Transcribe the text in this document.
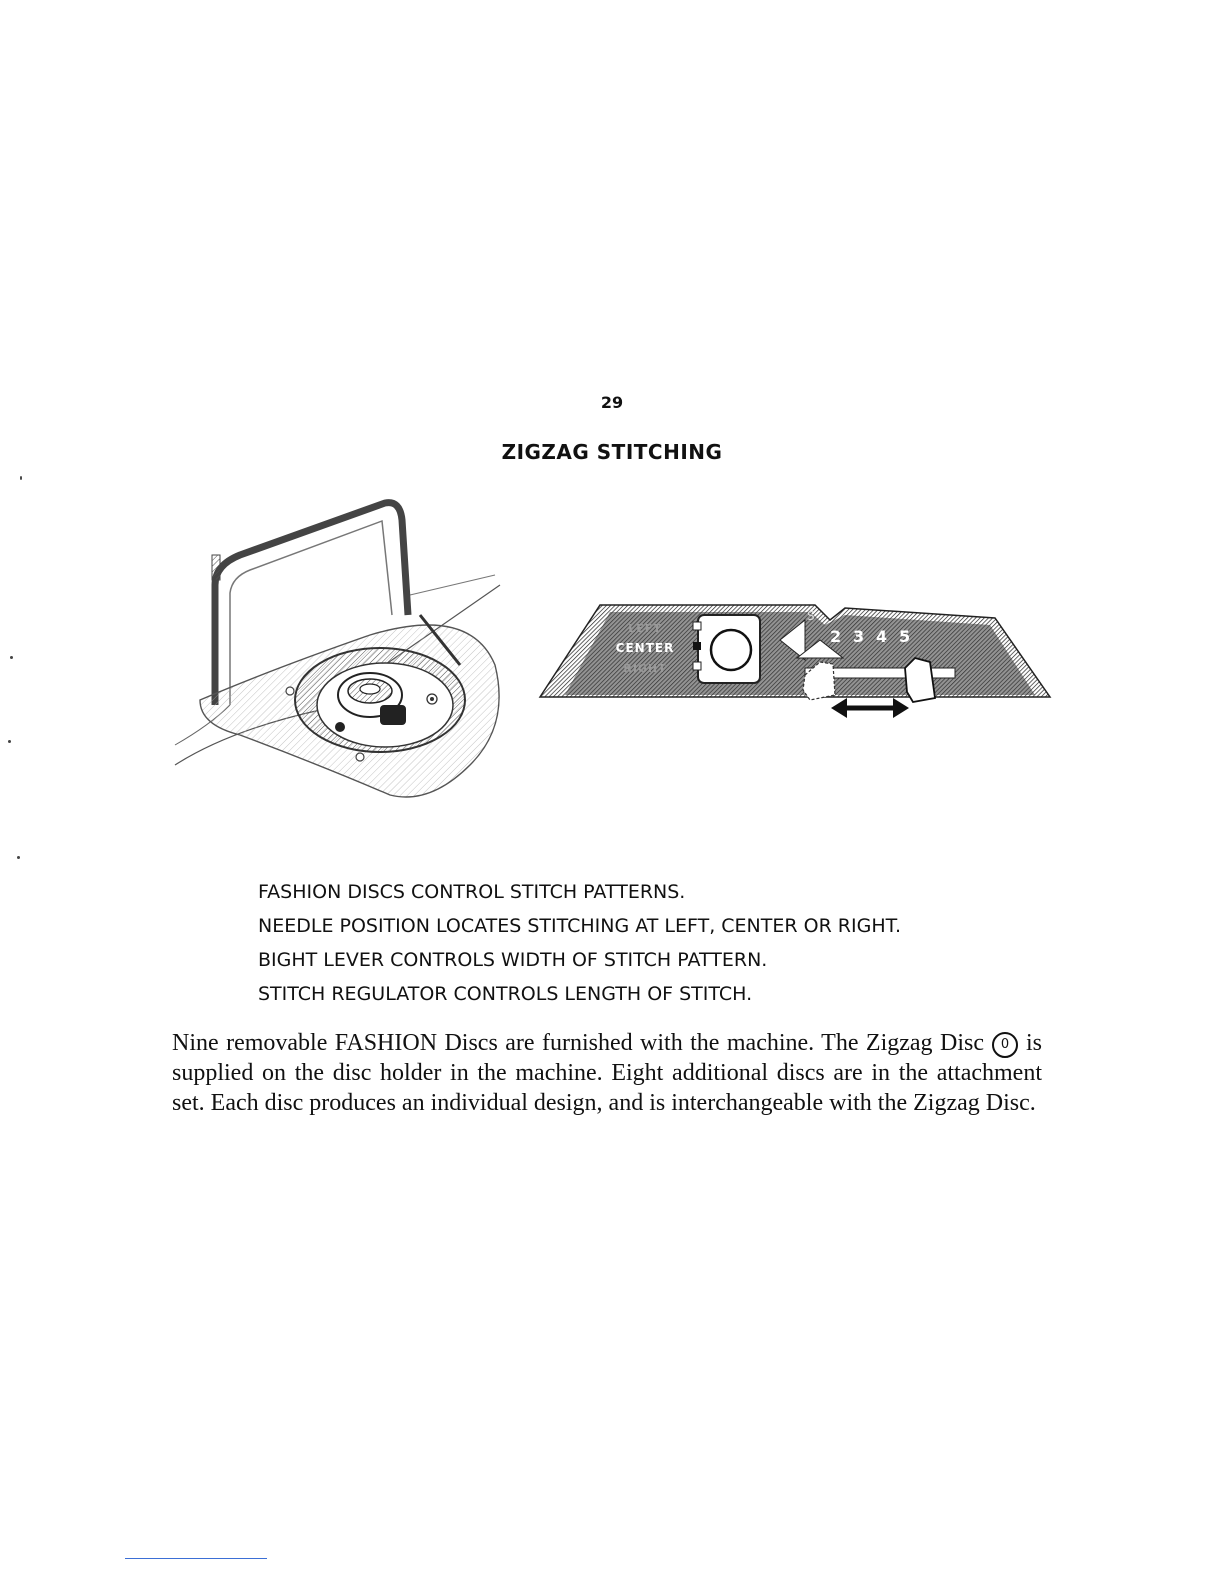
29
ZIGZAG STITCHING
LEFT
CENTER
RIGHT
S
2 3 4 5
FASHION DISCS CONTROL STITCH PATTERNS.
NEEDLE POSITION LOCATES STITCHING AT LEFT, CENTER OR RIGHT.
BIGHT LEVER CONTROLS WIDTH OF STITCH PATTERN.
STITCH REGULATOR CONTROLS LENGTH OF STITCH.
Nine removable FASHION Discs are furnished with the machine. The Zigzag Disc 0 is supplied on the disc holder in the machine. Eight additional discs are in the attachment set. Each disc produces an individual design, and is interchangeable with the Zigzag Disc.
